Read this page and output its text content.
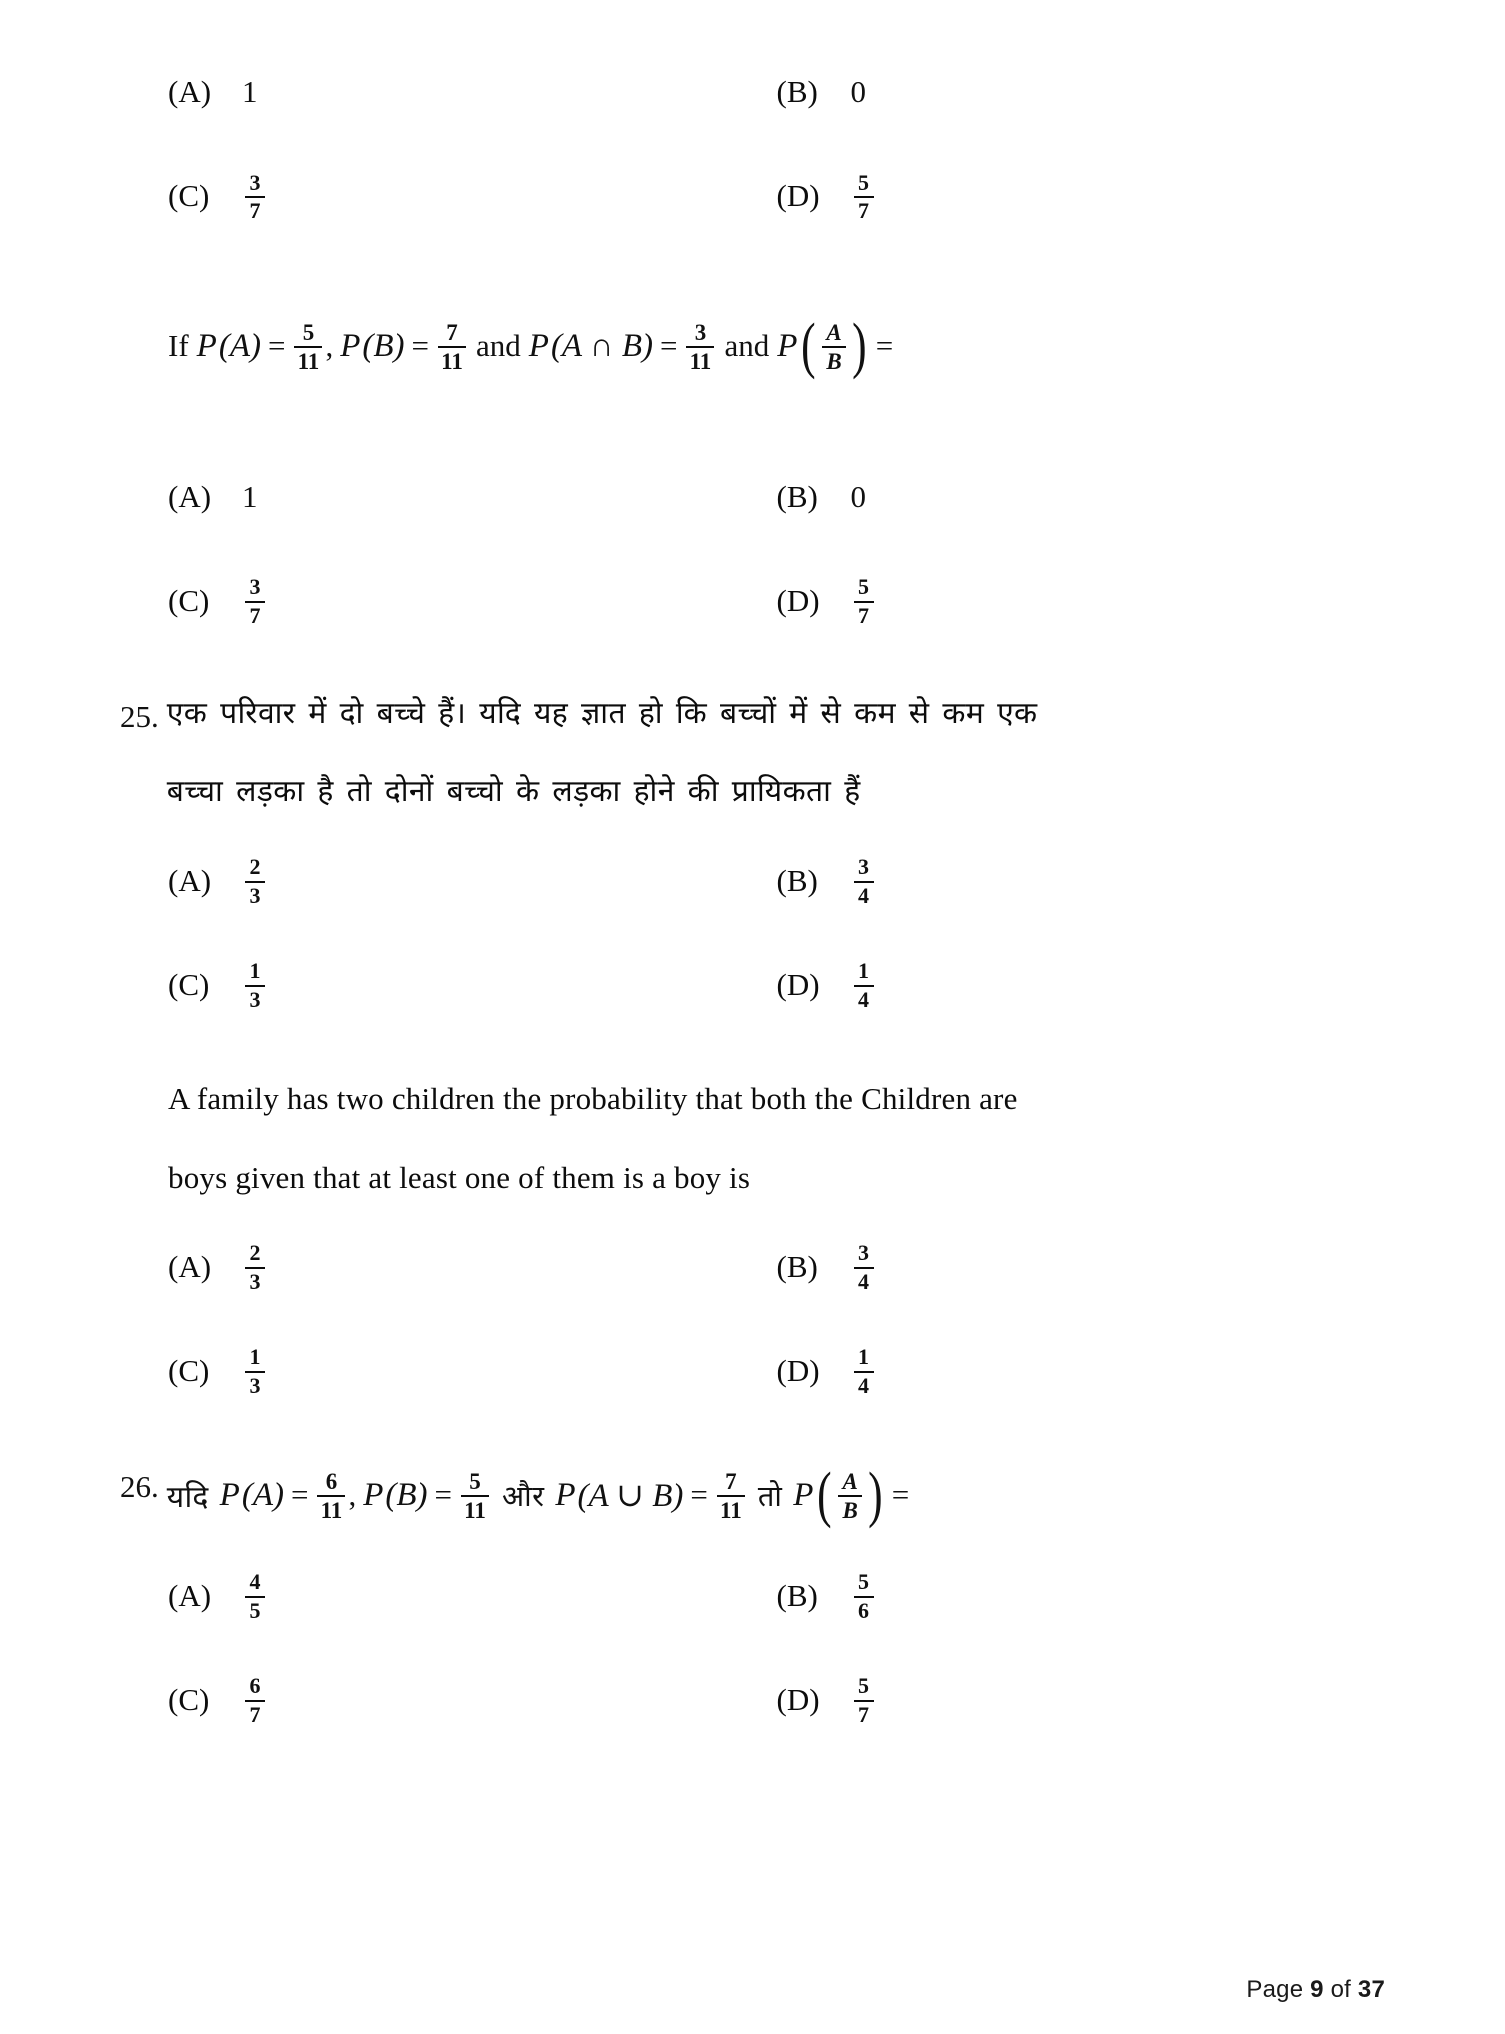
(A) 1	(B)	0
(C)	$\frac{3}{7}$	(D)	$\frac{5}{7}$
If P $(A) = \frac{5}{11}$ , P $(B) = \frac{7}{11}$ and P (A ∩ $B) = \frac{3}{11}$ and P ( $\frac{A}{B}$ ) =
(A) 1	(B)	0
(C)	$\frac{3}{7}$	(D)	$\frac{5}{7}$
25. एक परिवार में दो बच्चे हैं। यदि यह ज्ञात हो कि बच्चों में से कम से कम एक
बच्चा लड़का है तो दोनों बच्चो के लड़का होने की प्रायिकता हैं
(A)	$\frac{2}{3}$	(B)	$\frac{3}{4}$
(C)	$\frac{1}{3}$	(D)	$\frac{1}{4}$
A family has two children the probability that both the Children are
boys given that at least one of them is a boy is
(A)	$\frac{2}{3}$	(B)	$\frac{3}{4}$
(C)	$\frac{1}{3}$	(D)	$\frac{1}{4}$
26. यदि P $(A) = \frac{6}{11}$ , P $(B) = \frac{5}{11}$ और P (A ∪ $B) = \frac{7}{11}$ तो P ( $\frac{A}{B}$ ) =
(A)	$\frac{4}{5}$	(B)	$\frac{5}{6}$
(C)	$\frac{6}{7}$	(D)	$\frac{5}{7}$
Page 9 of 37
